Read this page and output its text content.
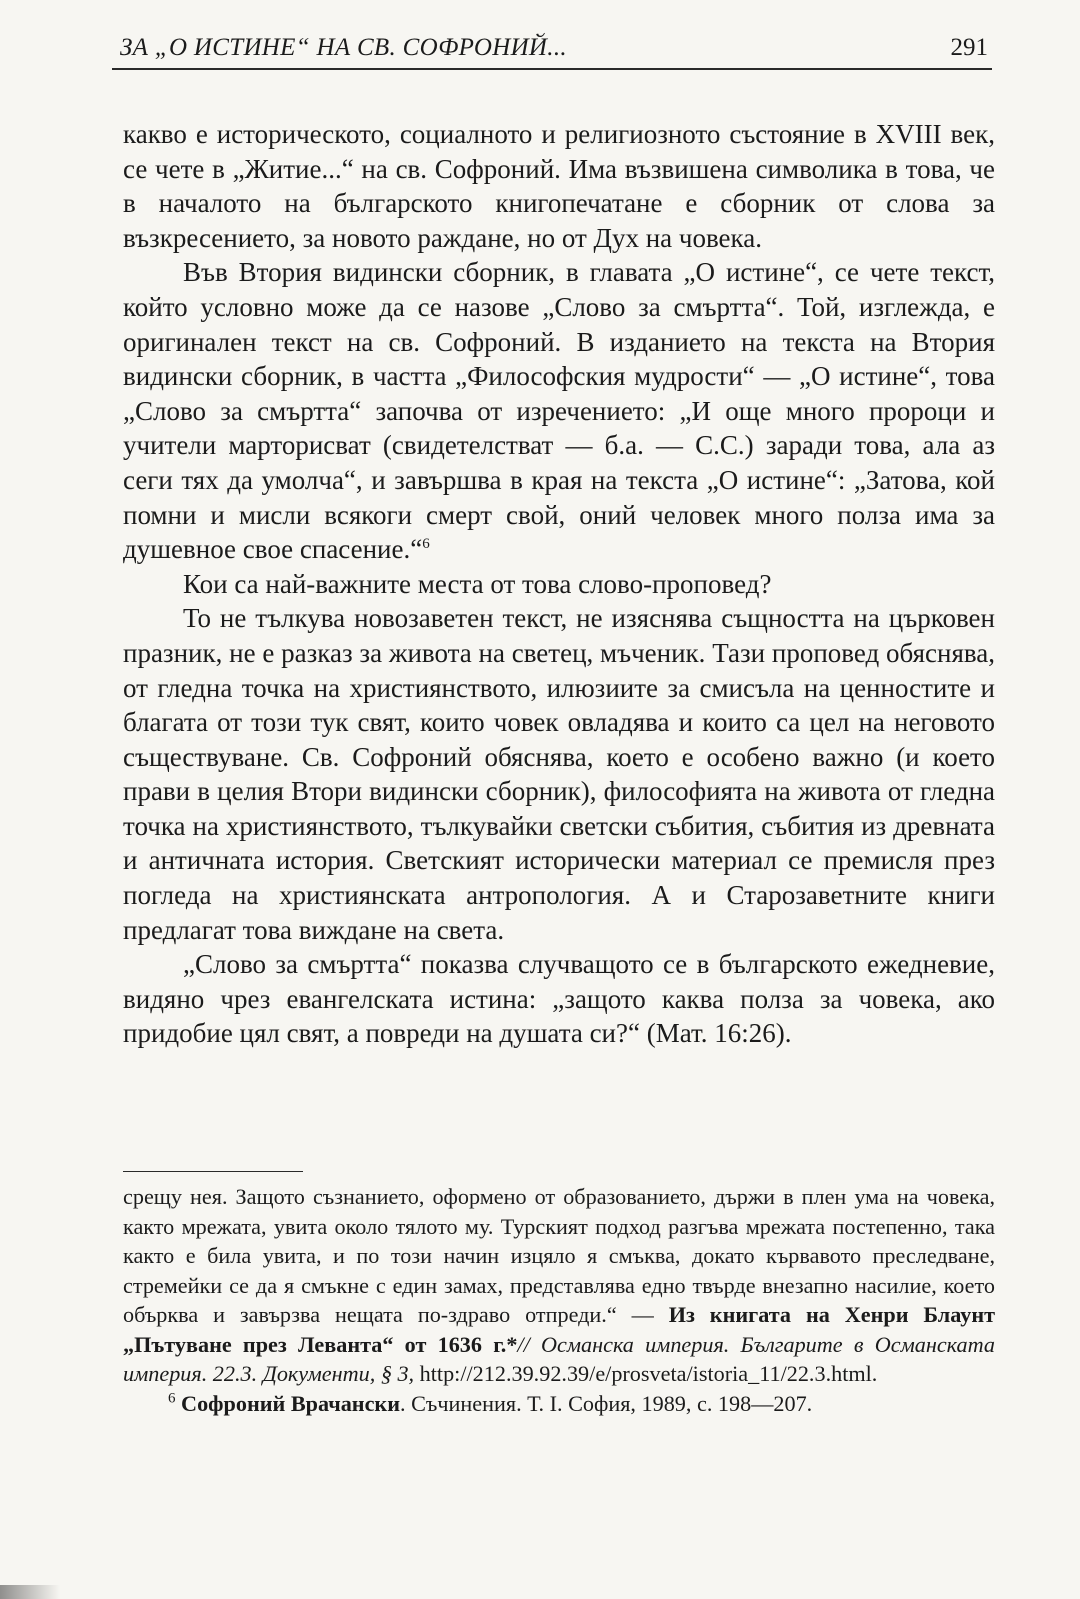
ЗА „О ИСТИНЕ“ НА СВ. СОФРОНИЙ...	291

какво е историческото, социалното и религиозното състояние в XVIII век, се чете в „Житие...“ на св. Софроний. Има възвишена символика в това, че в началото на българското книгопечатане е сборник от слова за възкресението, за новото раждане, но от Дух на човека.

Във Втория видински сборник, в главата „О истине“, се чете текст, който условно може да се назове „Слово за смъртта“. Той, изглежда, е оригинален текст на св. Софроний. В изданието на текста на Втория видински сборник, в частта „Философския мудрости“ — „О истине“, това „Слово за смъртта“ започва от изречението: „И още много пророци и учители марторисват (свидетелстват — б.а. — С.С.) заради това, ала аз сеги тях да умолча“, и завършва в края на текста „О истине“: „Затова, кой помни и мисли всякоги смерт свой, оний человек много полза има за душевное свое спасение.“$^6$

Кои са най-важните места от това слово-проповед?

То не тълкува новозаветен текст, не изяснява същността на църковен празник, не е разказ за живота на светец, мъченик. Тази проповед обяснява, от гледна точка на християнството, илюзиите за смисъла на ценностите и благата от този тук свят, които човек овладява и които са цел на неговото съществуване. Св. Софроний обяснява, което е особено важно (и което прави в целия Втори видински сборник), философията на живота от гледна точка на християнството, тълкувайки светски събития, събития из древната и античната история. Светският исторически материал се премисля през погледа на християнската антропология. А и Старозаветните книги предлагат това виждане на света.

„Слово за смъртта“ показва случващото се в българското ежедневие, видяно чрез евангелската истина: „защото каква полза за човека, ако придобие цял свят, а повреди на душата си?“ (Мат. 16:26).

срещу нея. Защото съзнанието, оформено от образованието, държи в плен ума на човека, както мрежата, увита около тялото му. Турският подход разгъва мрежата постепенно, така както е била увита, и по този начин изцяло я смъква, докато кървавото преследване, стремейки се да я смъкне с един замах, представлява едно твърде внезапно насилие, което обърква и завързва нещата по-здраво отпреди.“ — Из книгата на Хенри Блаунт „Пътуване през Леванта“ от 1636 г.*// Османска империя. Българите в Османската империя. 22.3. Документи, § 3, http://212.39.92.39/e/prosveta/istoria_11/22.3.html.

$^6$ Софроний Врачански. Съчинения. Т. I. София, 1989, с. 198—207.
